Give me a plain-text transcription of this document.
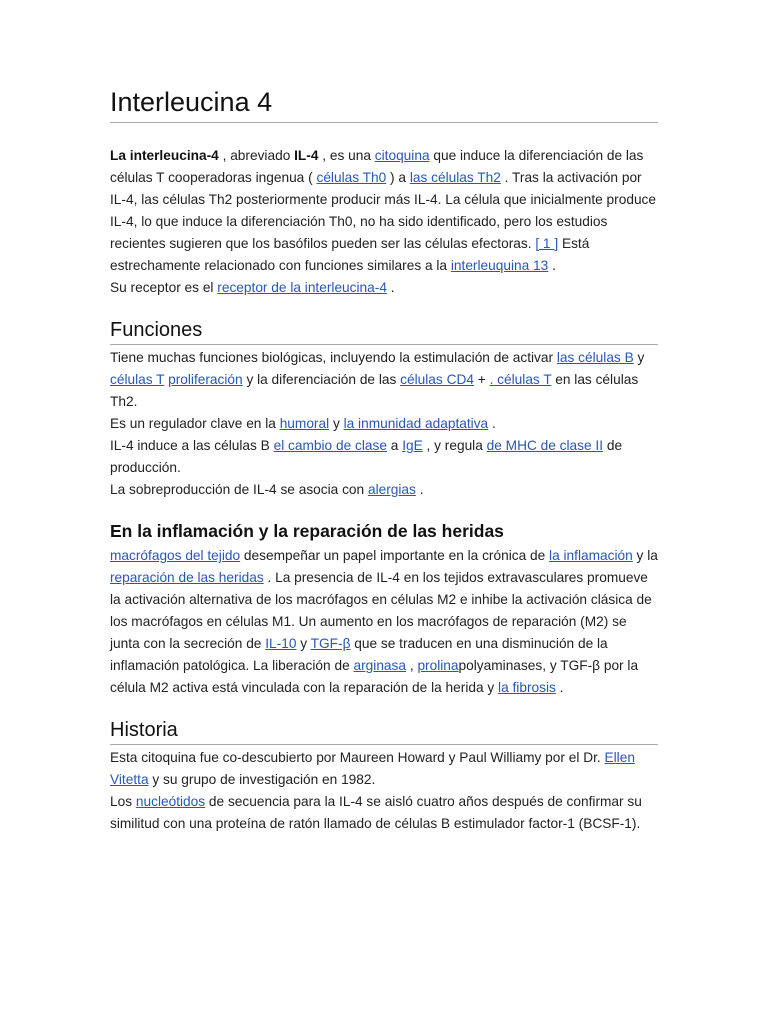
Interleucina 4

La interleucina-4 , abreviado IL-4 , es una citoquina que induce la diferenciación de las células T cooperadoras ingenua ( células Th0 ) a las células Th2 . Tras la activación por IL-4, las células Th2 posteriormente producir más IL-4. La célula que inicialmente produce IL-4, lo que induce la diferenciación Th0, no ha sido identificado, pero los estudios recientes sugieren que los basófilos pueden ser las células efectoras. [ 1 ] Está estrechamente relacionado con funciones similares a la interleuquina 13 .

Su receptor es el receptor de la interleucina-4 .

Funciones

Tiene muchas funciones biológicas, incluyendo la estimulación de activar las células B y células T proliferación y la diferenciación de las células CD4 + . células T en las células Th2.

Es un regulador clave en la humoral y la inmunidad adaptativa .

IL-4 induce a las células B el cambio de clase a IgE , y regula de MHC de clase II de producción.

La sobreproducción de IL-4 se asocia con alergias .

En la inflamación y la reparación de las heridas

macrófagos del tejido desempeñar un papel importante en la crónica de la inflamación y la reparación de las heridas . La presencia de IL-4 en los tejidos extravasculares promueve la activación alternativa de los macrófagos en células M2 e inhibe la activación clásica de los macrófagos en células M1. Un aumento en los macrófagos de reparación (M2) se junta con la secreción de IL-10 y TGF-β que se traducen en una disminución de la inflamación patológica. La liberación de arginasa , prolinapolyaminases, y TGF-β por la célula M2 activa está vinculada con la reparación de la herida y la fibrosis .

Historia

Esta citoquina fue co-descubierto por Maureen Howard y Paul Williamy por el Dr. Ellen Vitetta y su grupo de investigación en 1982.

Los nucleótidos de secuencia para la IL-4 se aisló cuatro años después de confirmar su similitud con una proteína de ratón llamado de células B estimulador factor-1 (BCSF-1).
